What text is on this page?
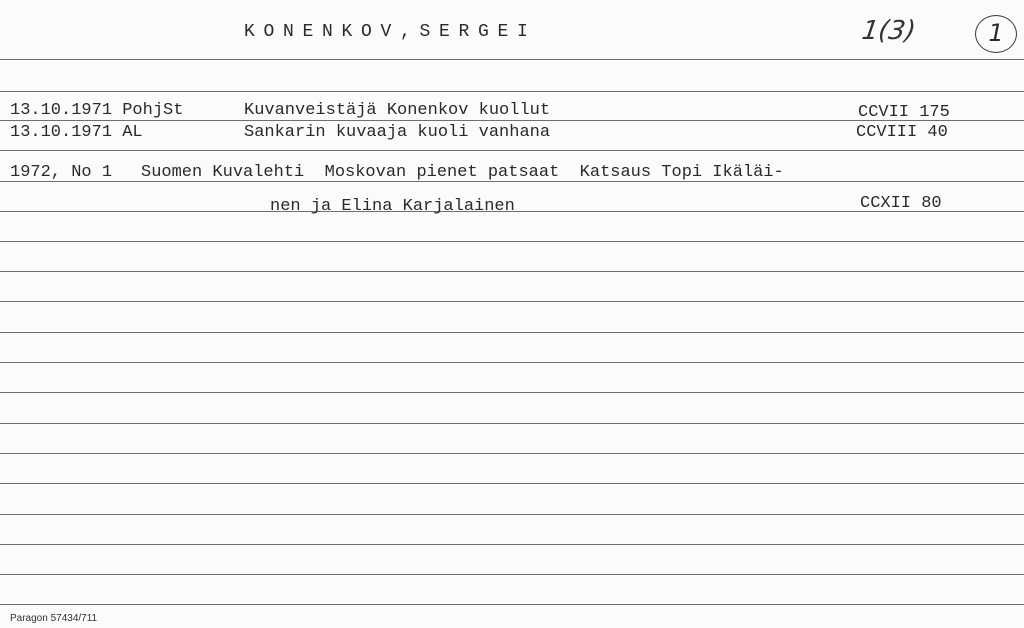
KONENKOV,SERGEI	1(3)	1
13.10.1971 PohjSt	Kuvanveistäjä Konenkov kuollut	CCVII 175
13.10.1971 AL	Sankarin kuvaaja kuoli vanhana	CCVIII 40
1972, No 1 Suomen Kuvalehti  Moskovan pienet patsaat  Katsaus Topi Ikäläi-
nen ja Elina Karjalainen	CCXII 80
Paragon 57434/711
